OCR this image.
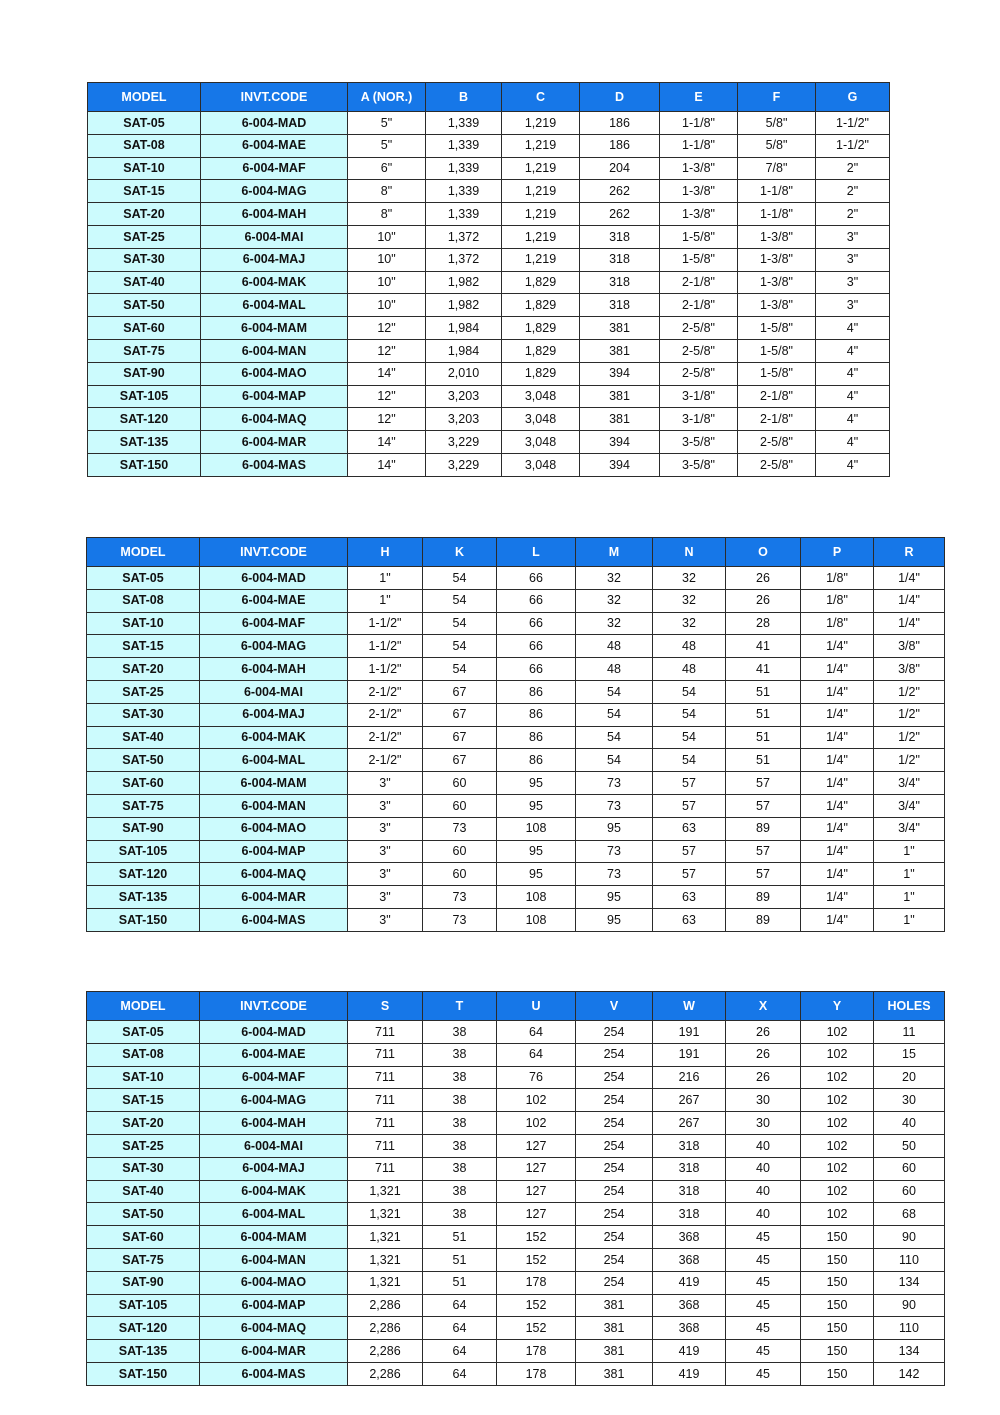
MODEL	INVT.CODE	A (NOR.)	B	C	D	E	F	G
SAT-05	6-004-MAD	5"	1,339	1,219	186	1-1/8"	5/8"	1-1/2"
SAT-08	6-004-MAE	5"	1,339	1,219	186	1-1/8"	5/8"	1-1/2"
SAT-10	6-004-MAF	6"	1,339	1,219	204	1-3/8"	7/8"	2"
SAT-15	6-004-MAG	8"	1,339	1,219	262	1-3/8"	1-1/8"	2"
SAT-20	6-004-MAH	8"	1,339	1,219	262	1-3/8"	1-1/8"	2"
SAT-25	6-004-MAI	10"	1,372	1,219	318	1-5/8"	1-3/8"	3"
SAT-30	6-004-MAJ	10"	1,372	1,219	318	1-5/8"	1-3/8"	3"
SAT-40	6-004-MAK	10"	1,982	1,829	318	2-1/8"	1-3/8"	3"
SAT-50	6-004-MAL	10"	1,982	1,829	318	2-1/8"	1-3/8"	3"
SAT-60	6-004-MAM	12"	1,984	1,829	381	2-5/8"	1-5/8"	4"
SAT-75	6-004-MAN	12"	1,984	1,829	381	2-5/8"	1-5/8"	4"
SAT-90	6-004-MAO	14"	2,010	1,829	394	2-5/8"	1-5/8"	4"
SAT-105	6-004-MAP	12"	3,203	3,048	381	3-1/8"	2-1/8"	4"
SAT-120	6-004-MAQ	12"	3,203	3,048	381	3-1/8"	2-1/8"	4"
SAT-135	6-004-MAR	14"	3,229	3,048	394	3-5/8"	2-5/8"	4"
SAT-150	6-004-MAS	14"	3,229	3,048	394	3-5/8"	2-5/8"	4"
MODEL	INVT.CODE	H	K	L	M	N	O	P	R
SAT-05	6-004-MAD	1"	54	66	32	32	26	1/8"	1/4"
SAT-08	6-004-MAE	1"	54	66	32	32	26	1/8"	1/4"
SAT-10	6-004-MAF	1-1/2"	54	66	32	32	28	1/8"	1/4"
SAT-15	6-004-MAG	1-1/2"	54	66	48	48	41	1/4"	3/8"
SAT-20	6-004-MAH	1-1/2"	54	66	48	48	41	1/4"	3/8"
SAT-25	6-004-MAI	2-1/2"	67	86	54	54	51	1/4"	1/2"
SAT-30	6-004-MAJ	2-1/2"	67	86	54	54	51	1/4"	1/2"
SAT-40	6-004-MAK	2-1/2"	67	86	54	54	51	1/4"	1/2"
SAT-50	6-004-MAL	2-1/2"	67	86	54	54	51	1/4"	1/2"
SAT-60	6-004-MAM	3"	60	95	73	57	57	1/4"	3/4"
SAT-75	6-004-MAN	3"	60	95	73	57	57	1/4"	3/4"
SAT-90	6-004-MAO	3"	73	108	95	63	89	1/4"	3/4"
SAT-105	6-004-MAP	3"	60	95	73	57	57	1/4"	1"
SAT-120	6-004-MAQ	3"	60	95	73	57	57	1/4"	1"
SAT-135	6-004-MAR	3"	73	108	95	63	89	1/4"	1"
SAT-150	6-004-MAS	3"	73	108	95	63	89	1/4"	1"
MODEL	INVT.CODE	S	T	U	V	W	X	Y	HOLES
SAT-05	6-004-MAD	711	38	64	254	191	26	102	11
SAT-08	6-004-MAE	711	38	64	254	191	26	102	15
SAT-10	6-004-MAF	711	38	76	254	216	26	102	20
SAT-15	6-004-MAG	711	38	102	254	267	30	102	30
SAT-20	6-004-MAH	711	38	102	254	267	30	102	40
SAT-25	6-004-MAI	711	38	127	254	318	40	102	50
SAT-30	6-004-MAJ	711	38	127	254	318	40	102	60
SAT-40	6-004-MAK	1,321	38	127	254	318	40	102	60
SAT-50	6-004-MAL	1,321	38	127	254	318	40	102	68
SAT-60	6-004-MAM	1,321	51	152	254	368	45	150	90
SAT-75	6-004-MAN	1,321	51	152	254	368	45	150	110
SAT-90	6-004-MAO	1,321	51	178	254	419	45	150	134
SAT-105	6-004-MAP	2,286	64	152	381	368	45	150	90
SAT-120	6-004-MAQ	2,286	64	152	381	368	45	150	110
SAT-135	6-004-MAR	2,286	64	178	381	419	45	150	134
SAT-150	6-004-MAS	2,286	64	178	381	419	45	150	142
